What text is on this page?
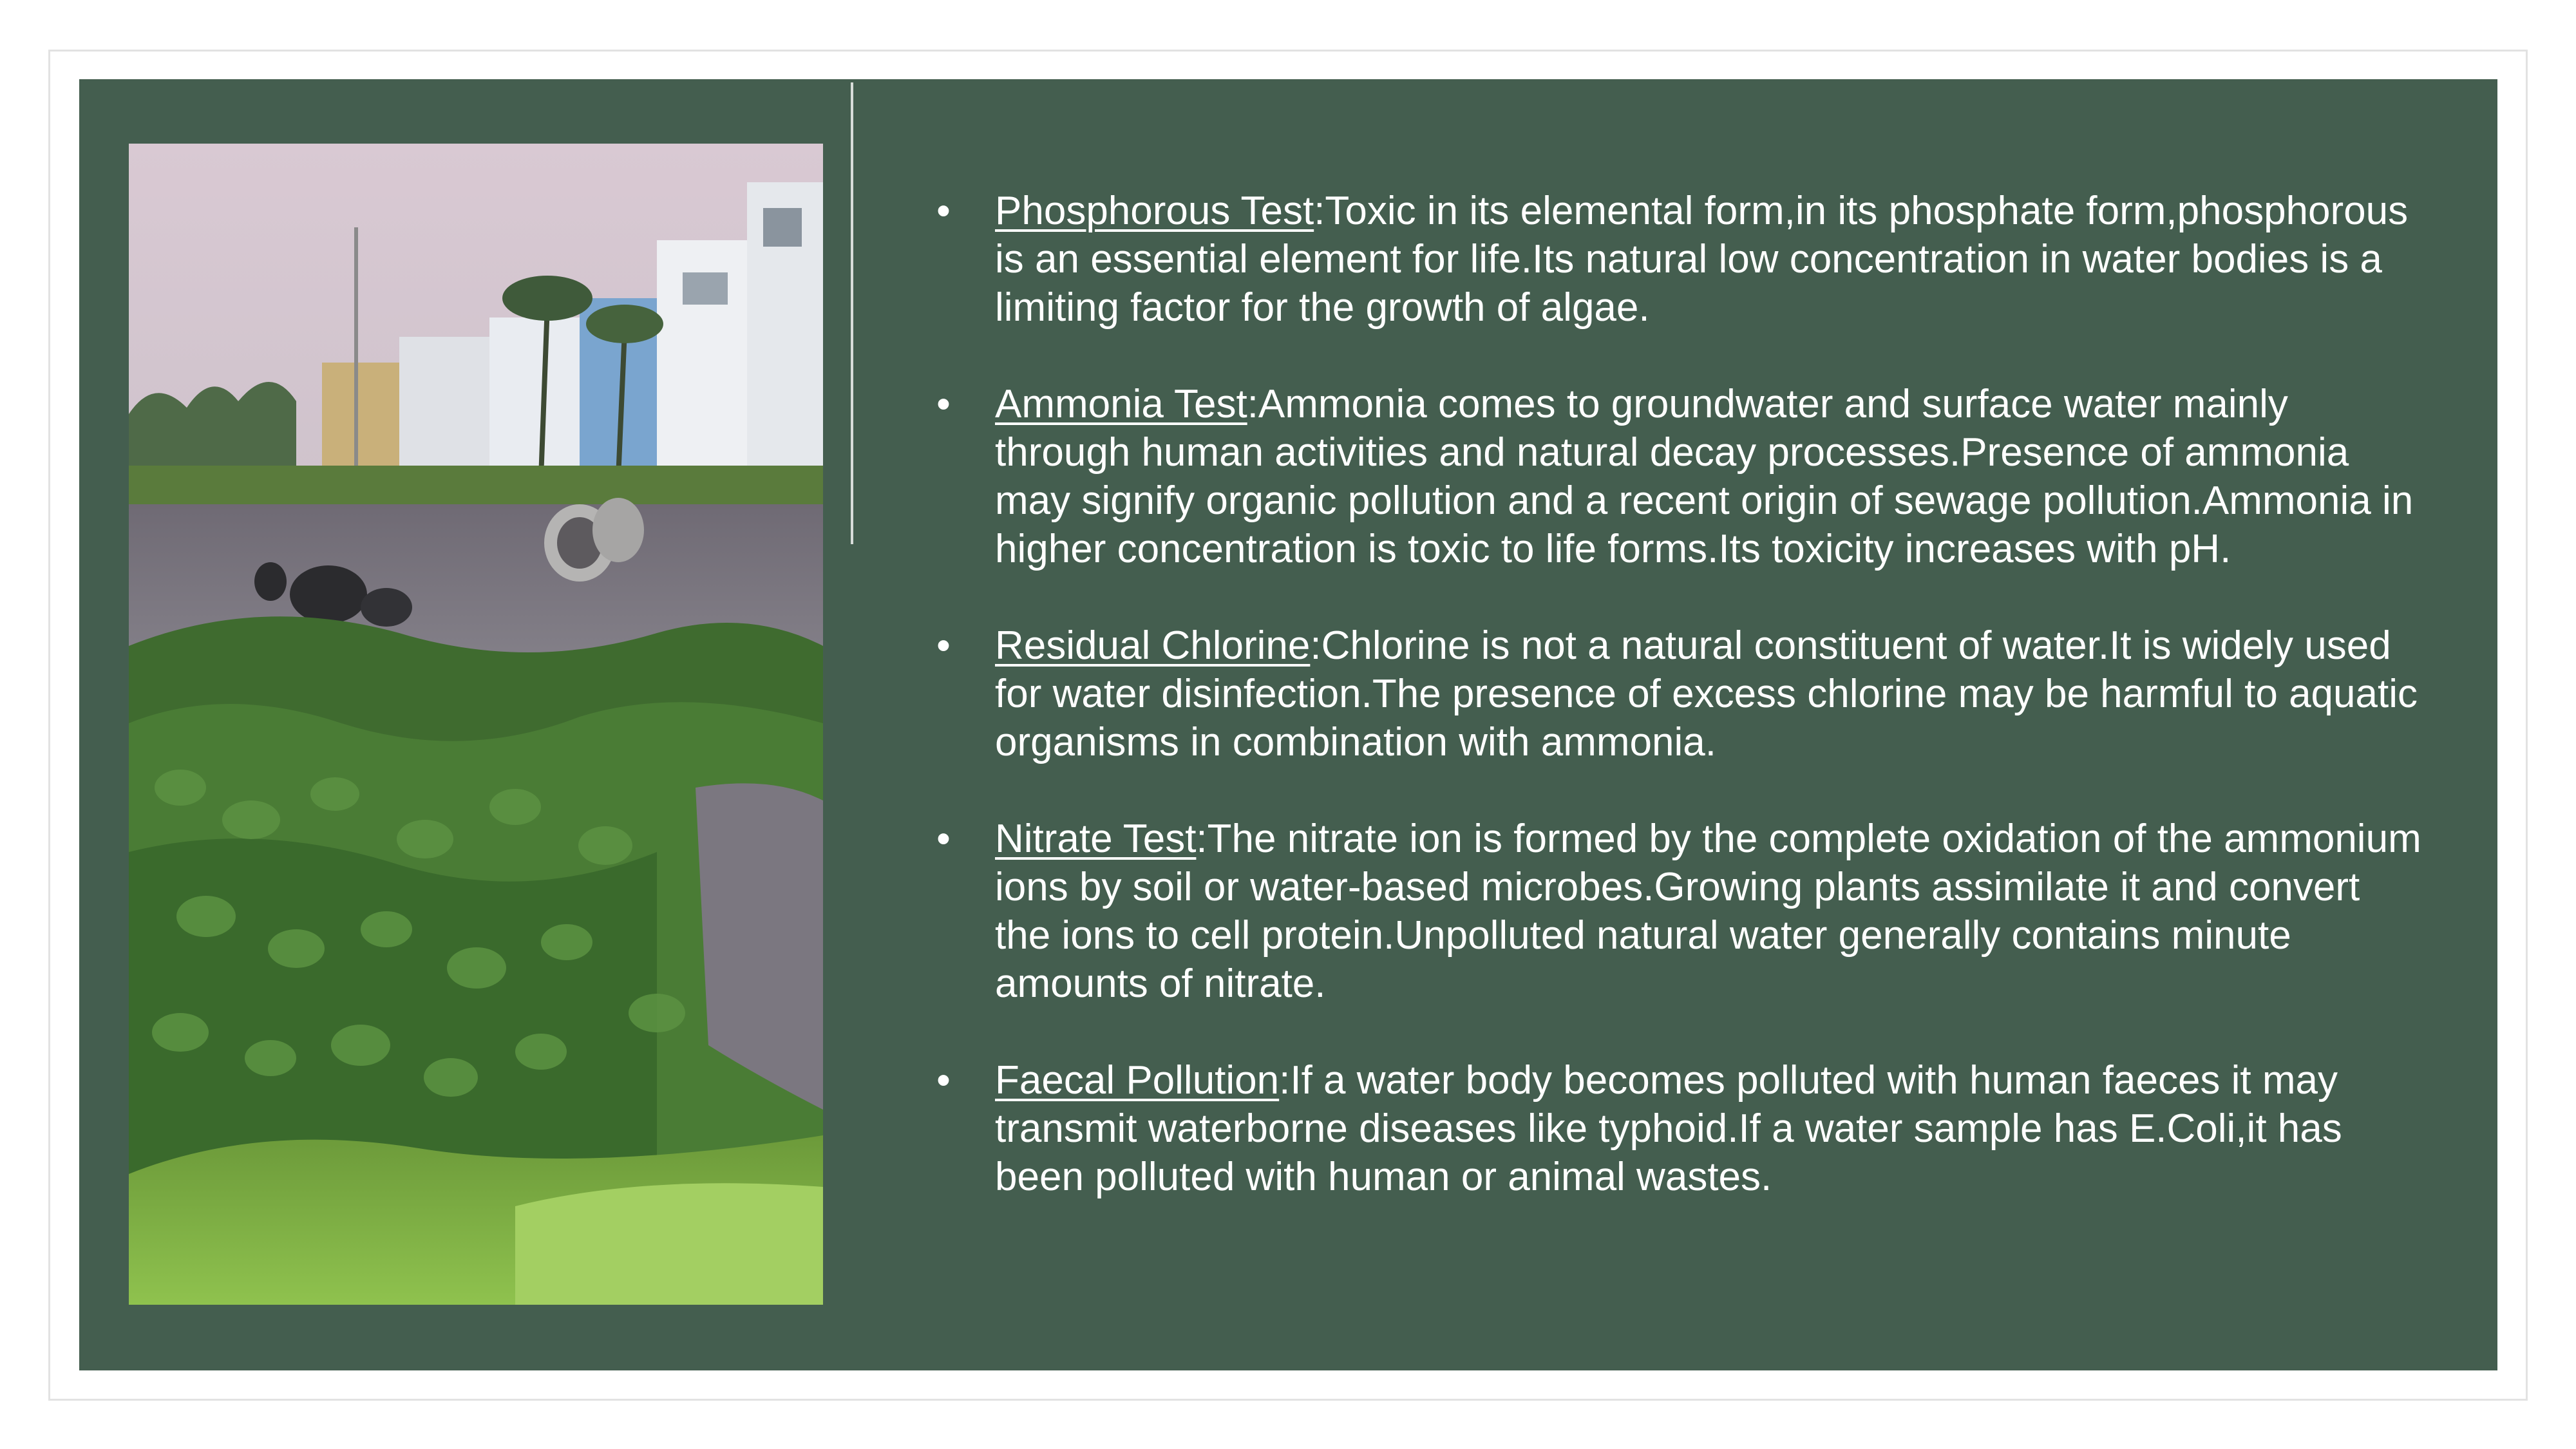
• Phosphorous Test:Toxic in its elemental form,in its phosphate form,phosphorous is an essential element for life.Its natural low concentration in water bodies is a limiting factor for the growth of algae.
• Ammonia Test:Ammonia comes to groundwater and surface water mainly through human activities and natural decay processes.Presence of ammonia may signify organic pollution and a recent origin of sewage pollution.Ammonia in higher concentration is toxic to life forms.Its toxicity increases with pH.
• Residual Chlorine:Chlorine is not a natural constituent of water.It is widely used for water disinfection.The presence of excess chlorine may be harmful to aquatic organisms in combination with ammonia.
• Nitrate Test:The nitrate ion is formed by the complete oxidation of the ammonium ions by soil or water-based microbes.Growing plants assimilate it and convert the ions to cell protein.Unpolluted natural water generally contains minute amounts of nitrate.
• Faecal Pollution:If a water body becomes polluted with human faeces it may transmit waterborne diseases like typhoid.If a water sample has E.Coli,it has been polluted with human or animal wastes.
